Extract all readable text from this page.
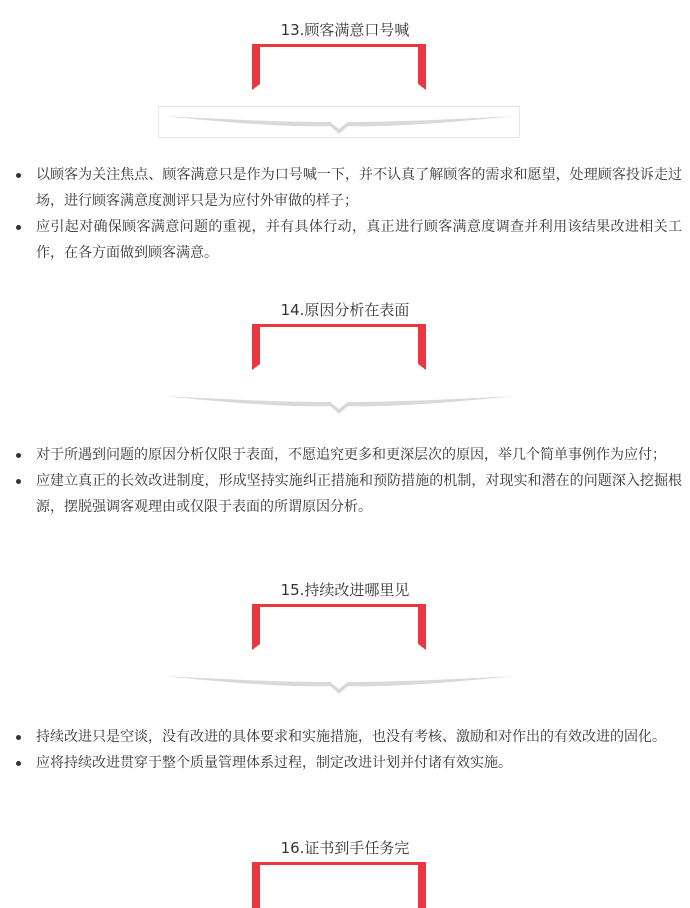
13.顾客满意口号喊
以顾客为关注焦点、顾客满意只是作为口号喊一下，并不认真了解顾客的需求和愿望，处理顾客投诉走过场，进行顾客满意度测评只是为应付外审做的样子；
应引起对确保顾客满意问题的重视，并有具体行动，真正进行顾客满意度调查并利用该结果改进相关工作，在各方面做到顾客满意。
14.原因分析在表面
对于所遇到问题的原因分析仅限于表面，不愿追究更多和更深层次的原因，举几个简单事例作为应付；
应建立真正的长效改进制度，形成坚持实施纠正措施和预防措施的机制，对现实和潜在的问题深入挖掘根源，摆脱强调客观理由或仅限于表面的所谓原因分析。
15.持续改进哪里见
持续改进只是空谈，没有改进的具体要求和实施措施，也没有考核、激励和对作出的有效改进的固化。
应将持续改进贯穿于整个质量管理体系过程，制定改进计划并付诸有效实施。
16.证书到手任务完
